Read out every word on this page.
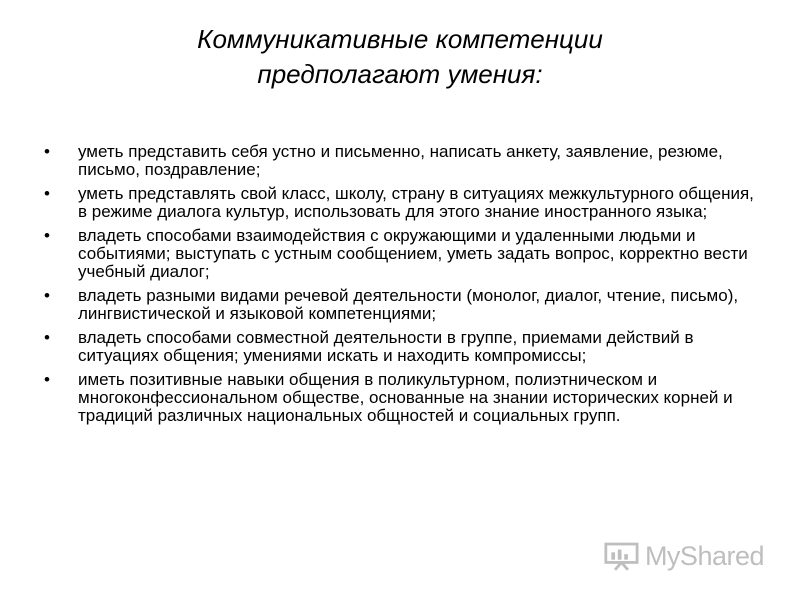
Коммуникативные компетенции
предполагают умения:
• уметь представить себя устно и письменно, написать анкету, заявление, резюме, письмо, поздравление;
• уметь представлять свой класс, школу, страну в ситуациях межкультурного общения, в режиме диалога культур, использовать для этого знание иностранного языка;
• владеть способами взаимодействия с окружающими и удаленными людьми и событиями; выступать с устным сообщением, уметь задать вопрос, корректно вести учебный диалог;
• владеть разными видами речевой деятельности (монолог, диалог, чтение, письмо), лингвистической и языковой компетенциями;
• владеть способами совместной деятельности в группе, приемами действий в ситуациях общения; умениями искать и находить компромиссы;
• иметь позитивные навыки общения в поликультурном, полиэтническом и многоконфессиональном обществе, основанные на знании исторических корней и традиций различных национальных общностей и социальных групп.
MyShared
